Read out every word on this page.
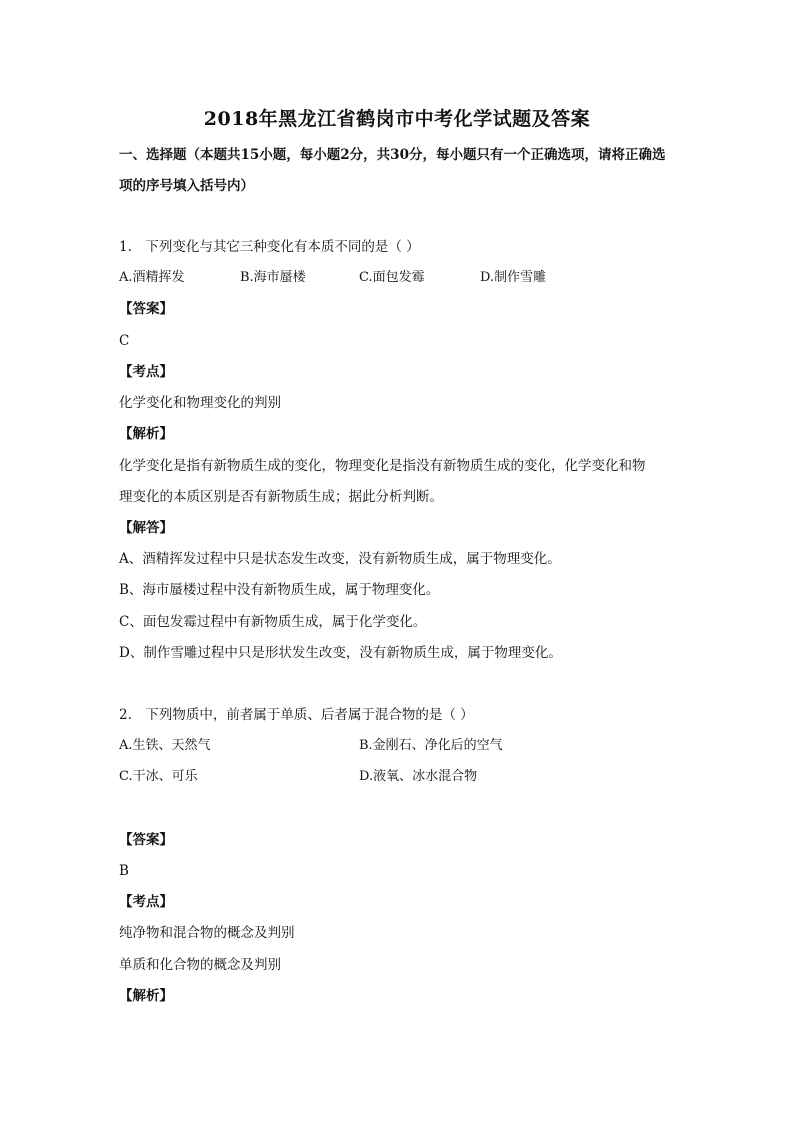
2018年黑龙江省鹤岗市中考化学试题及答案
一、选择题（本题共15小题，每小题2分，共30分，每小题只有一个正确选项，请将正确选
项的序号填入括号内）
1.　下列变化与其它三种变化有本质不同的是（ ）
A.酒精挥发	B.海市蜃楼	C.面包发霉	D.制作雪雕
【答案】
C
【考点】
化学变化和物理变化的判别
【解析】
化学变化是指有新物质生成的变化，物理变化是指没有新物质生成的变化，化学变化和物
理变化的本质区别是否有新物质生成；据此分析判断。
【解答】
A、酒精挥发过程中只是状态发生改变，没有新物质生成，属于物理变化。
B、海市蜃楼过程中没有新物质生成，属于物理变化。
C、面包发霉过程中有新物质生成，属于化学变化。
D、制作雪雕过程中只是形状发生改变，没有新物质生成，属于物理变化。
2.　下列物质中，前者属于单质、后者属于混合物的是（ ）
A.生铁、天然气	B.金刚石、净化后的空气
C.干冰、可乐	D.液氧、冰水混合物
【答案】
B
【考点】
纯净物和混合物的概念及判别
单质和化合物的概念及判别
【解析】
